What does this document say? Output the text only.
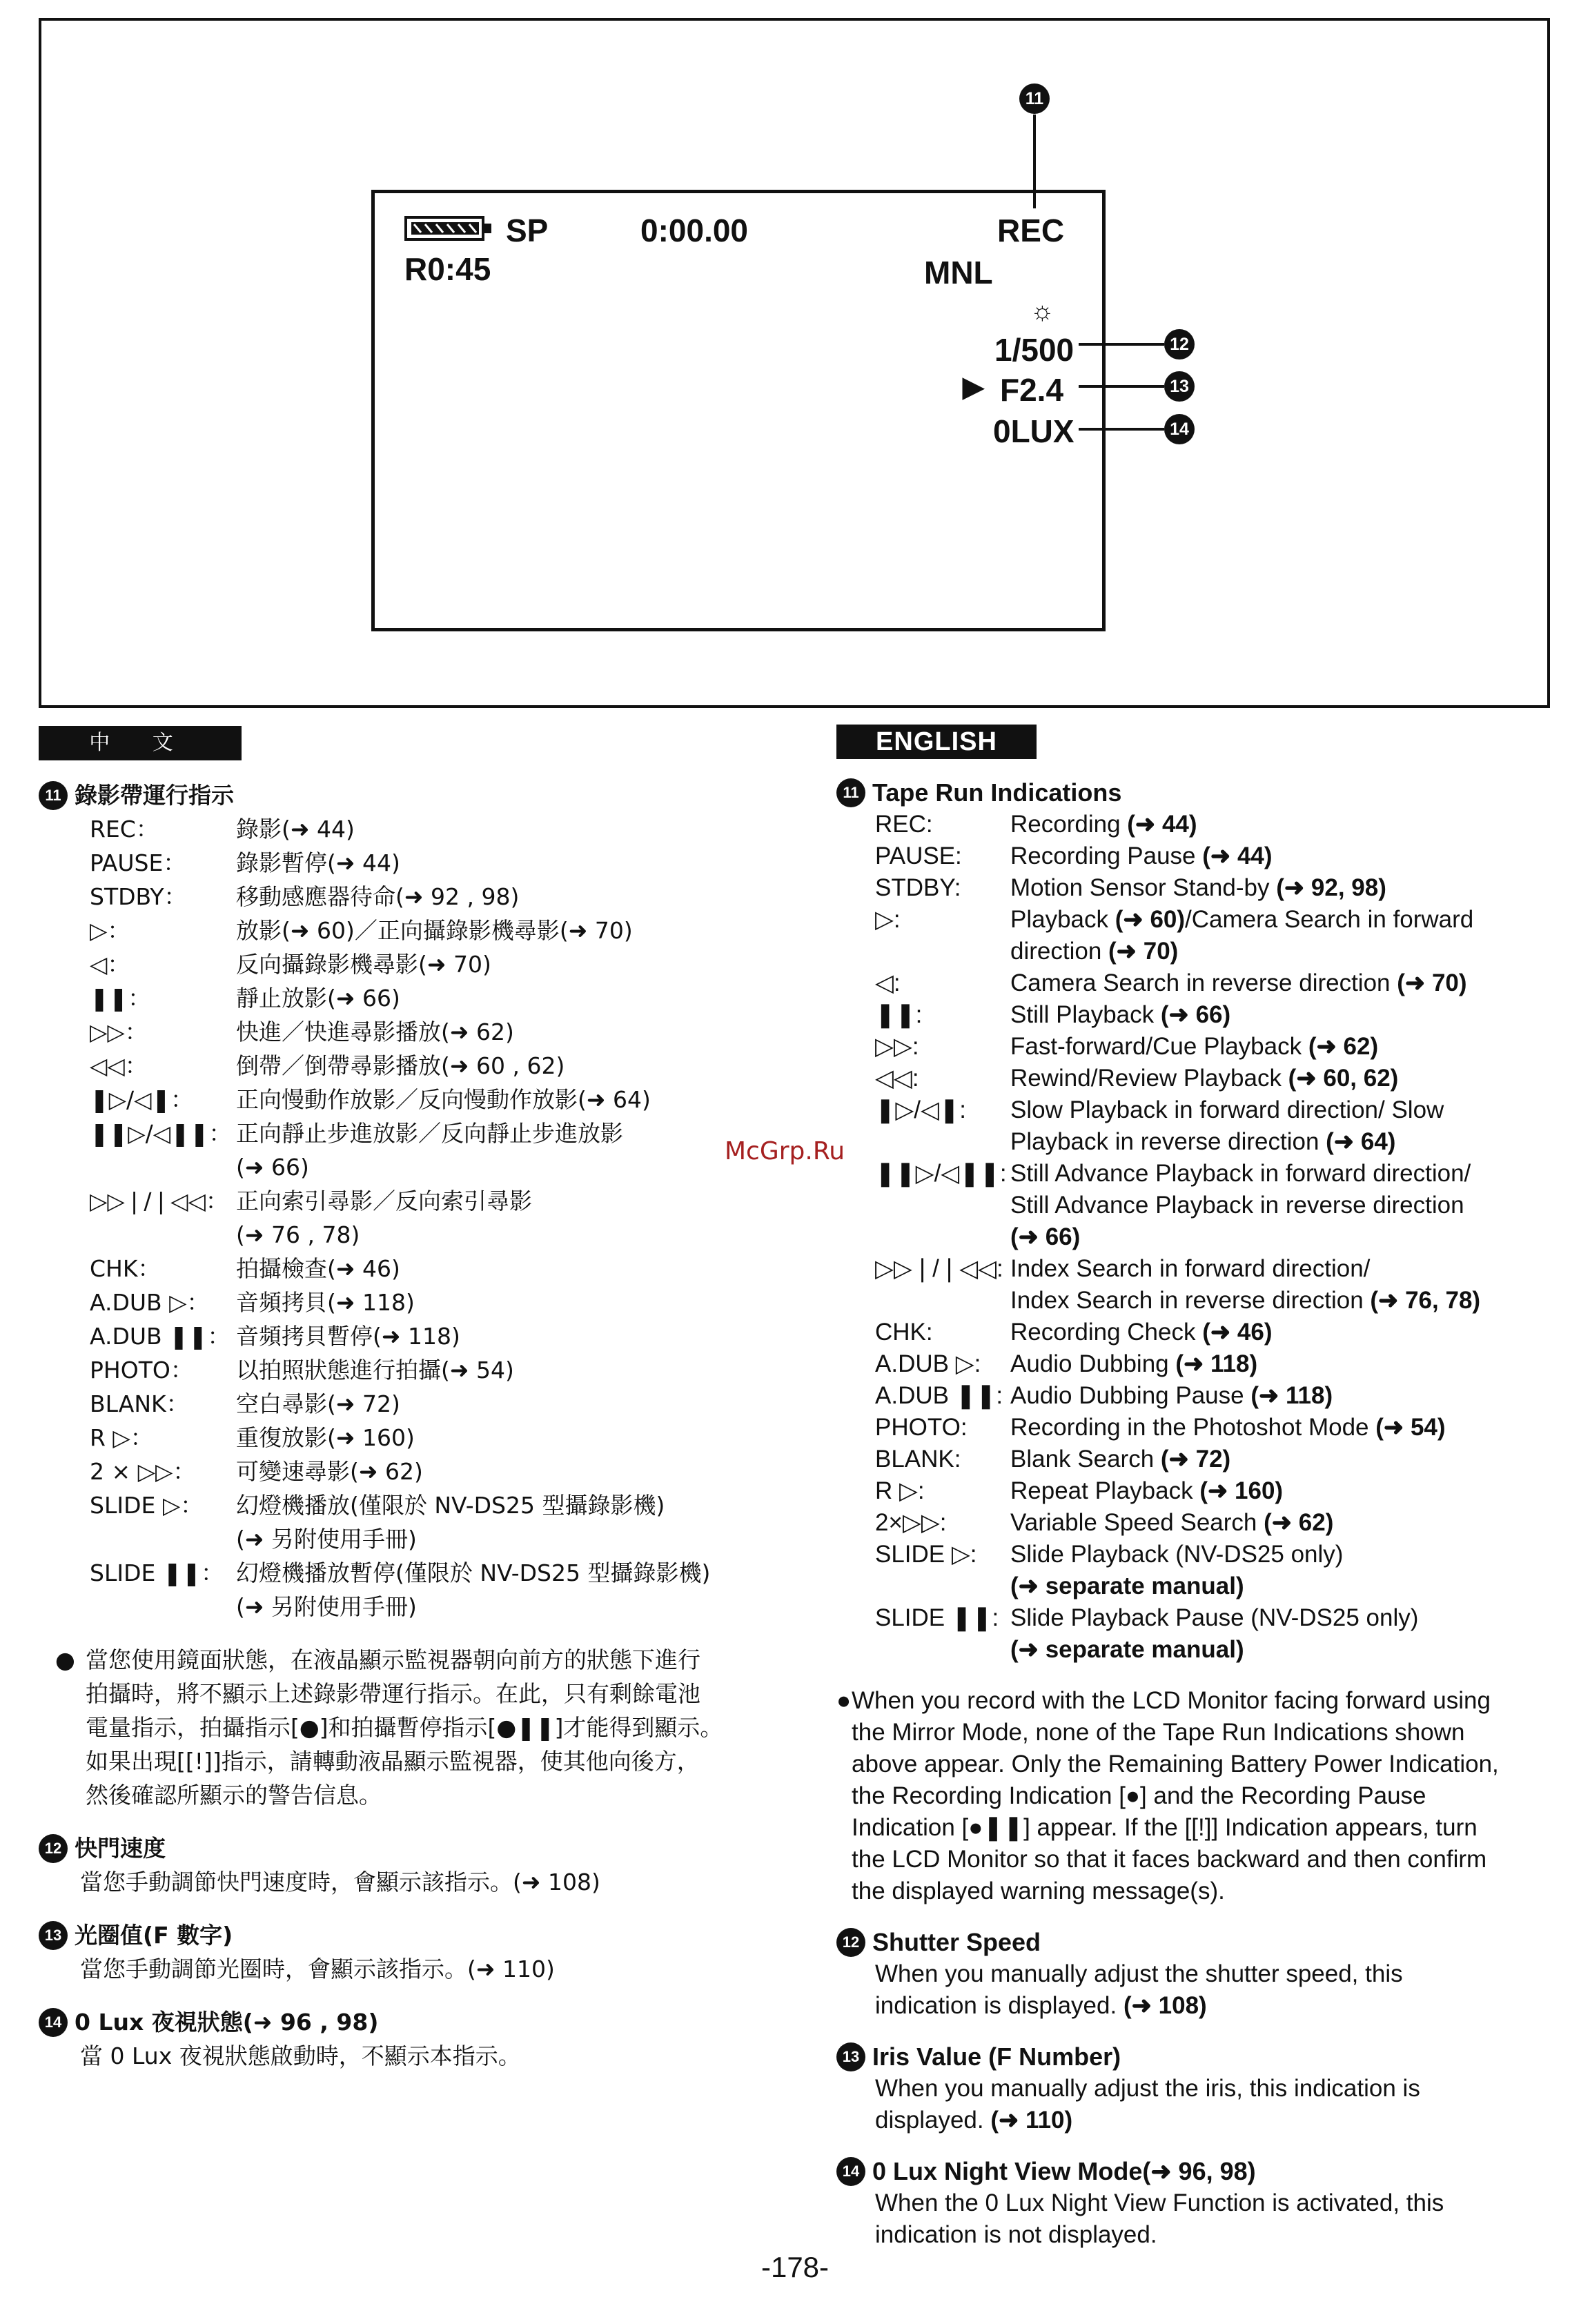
11
SP	0:00.00	REC
R0:45	MNL
☼
1/500
▶ F2.4
0LUX
12
13
14
中 文
11 錄影帶運行指示
REC：	錄影(➜ 44)
PAUSE：	錄影暫停(➜ 44)
STDBY：	移動感應器待命(➜ 92 , 98)
▷：	放影(➜ 60)／正向攝錄影機尋影(➜ 70)
◁：	反向攝錄影機尋影(➜ 70)
❚❚：	靜止放影(➜ 66)
▷▷：	快進／快進尋影播放(➜ 62)
◁◁：	倒帶／倒帶尋影播放(➜ 60 , 62)
❚▷/◁❚：	正向慢動作放影／反向慢動作放影(➜ 64)
❚❚▷/◁❚❚： 正向靜止步進放影／反向靜止步進放影
(➜ 66)
▷▷❘/❘◁◁： 正向索引尋影／反向索引尋影
(➜ 76 , 78)
CHK：	拍攝檢查(➜ 46)
A.DUB ▷：	音頻拷貝(➜ 118)
A.DUB ❚❚： 音頻拷貝暫停(➜ 118)
PHOTO：	以拍照狀態進行拍攝(➜ 54)
BLANK：	空白尋影(➜ 72)
R ▷：	重復放影(➜ 160)
2 × ▷▷：	可變速尋影(➜ 62)
SLIDE ▷：	幻燈機播放(僅限於 NV-DS25 型攝錄影機)
(➜ 另附使用手冊)
SLIDE ❚❚： 幻燈機播放暫停(僅限於 NV-DS25 型攝錄影機)
(➜ 另附使用手冊)
● 當您使用鏡面狀態，在液晶顯示監視器朝向前方的狀態下進行
拍攝時，將不顯示上述錄影帶運行指示。在此，只有剩餘電池
電量指示，拍攝指示[●]和拍攝暫停指示[●❚❚]才能得到顯示。
如果出現[[!]]指示，請轉動液晶顯示監視器，使其他向後方，
然後確認所顯示的警告信息。
12 快門速度
當您手動調節快門速度時，會顯示該指示。(➜ 108)
13 光圈值(F 數字)
當您手動調節光圈時，會顯示該指示。(➜ 110)
14 0 Lux 夜視狀態(➜ 96 , 98)
當 0 Lux 夜視狀態啟動時，不顯示本指示。
ENGLISH
11 Tape Run Indications
REC:	Recording (➜ 44)
PAUSE:	Recording Pause (➜ 44)
STDBY:	Motion Sensor Stand-by (➜ 92, 98)
▷:	Playback (➜ 60)/Camera Search in forward
direction (➜ 70)
◁:	Camera Search in reverse direction (➜ 70)
❚❚:	Still Playback (➜ 66)
▷▷:	Fast-forward/Cue Playback (➜ 62)
◁◁:	Rewind/Review Playback (➜ 60, 62)
❚▷/◁❚:	Slow Playback in forward direction/ Slow
Playback in reverse direction (➜ 64)
❚❚▷/◁❚❚: Still Advance Playback in forward direction/
Still Advance Playback in reverse direction
(➜ 66)
▷▷❘/❘◁◁: Index Search in forward direction/
Index Search in reverse direction (➜ 76, 78)
CHK:	Recording Check (➜ 46)
A.DUB ▷:	Audio Dubbing (➜ 118)
A.DUB ❚❚: Audio Dubbing Pause (➜ 118)
PHOTO:	Recording in the Photoshot Mode (➜ 54)
BLANK:	Blank Search (➜ 72)
R ▷:	Repeat Playback (➜ 160)
2×▷▷:	Variable Speed Search (➜ 62)
SLIDE ▷:	Slide Playback (NV-DS25 only)
(➜ separate manual)
SLIDE ❚❚: Slide Playback Pause (NV-DS25 only)
(➜ separate manual)
● When you record with the LCD Monitor facing forward using
the Mirror Mode, none of the Tape Run Indications shown
above appear. Only the Remaining Battery Power Indication,
the Recording Indication [●] and the Recording Pause
Indication [●❚❚] appear. If the [[!]] Indication appears, turn
the LCD Monitor so that it faces backward and then confirm
the displayed warning message(s).
12 Shutter Speed
When you manually adjust the shutter speed, this
indication is displayed. (➜ 108)
13 Iris Value (F Number)
When you manually adjust the iris, this indication is
displayed. (➜ 110)
14 0 Lux Night View Mode (➜ 96, 98)
When the 0 Lux Night View Function is activated, this
indication is not displayed.
McGrp.Ru
-178-
